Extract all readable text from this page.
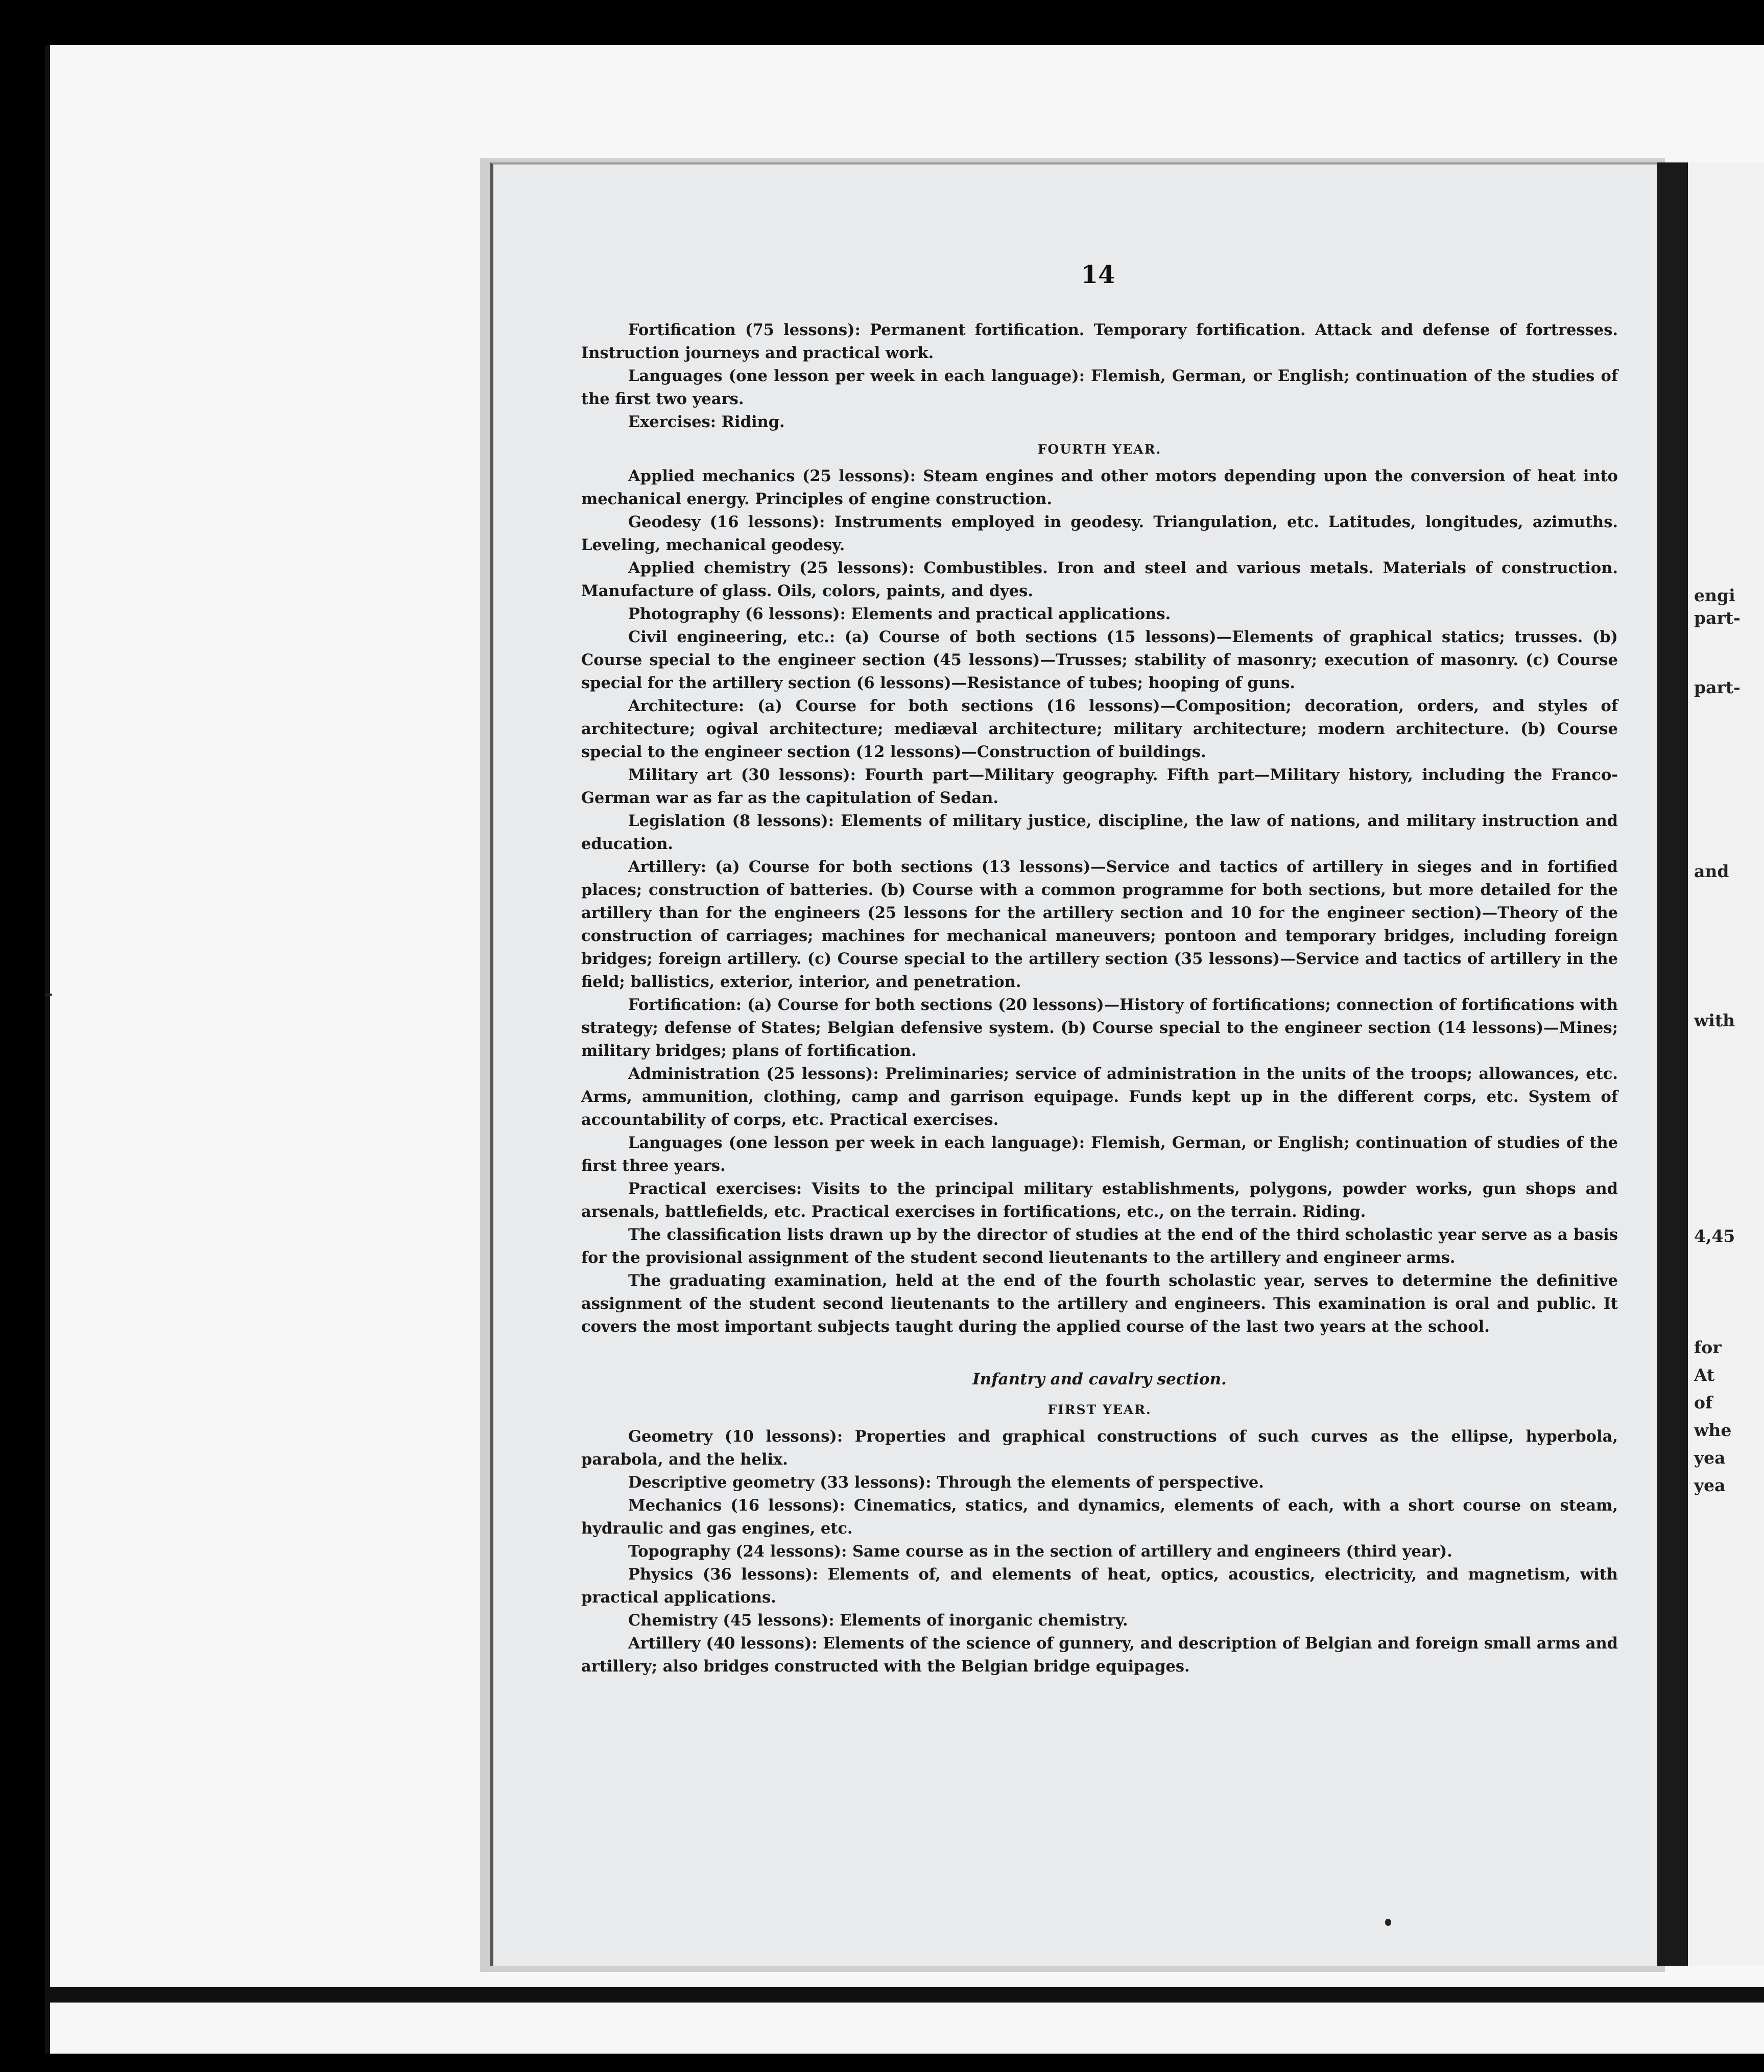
engi
part-
part-
and
with
4,45
for
At
of
whe
yea
yea
14

Fortification (75 lessons): Permanent fortification. Temporary fortification. Attack and defense of fortresses. Instruction journeys and practical work.

Languages (one lesson per week in each language): Flemish, German, or English; continuation of the studies of the first two years.

Exercises: Riding.

FOURTH YEAR.

Applied mechanics (25 lessons): Steam engines and other motors depending upon the conversion of heat into mechanical energy. Principles of engine construction.

Geodesy (16 lessons): Instruments employed in geodesy. Triangulation, etc. Latitudes, longitudes, azimuths. Leveling, mechanical geodesy.

Applied chemistry (25 lessons): Combustibles. Iron and steel and various metals. Materials of construction. Manufacture of glass. Oils, colors, paints, and dyes.

Photography (6 lessons): Elements and practical applications.

Civil engineering, etc.: (a) Course of both sections (15 lessons)—Elements of graphical statics; trusses. (b) Course special to the engineer section (45 lessons)—Trusses; stability of masonry; execution of masonry. (c) Course special for the artillery section (6 lessons)—Resistance of tubes; hooping of guns.

Architecture: (a) Course for both sections (16 lessons)—Composition; decoration, orders, and styles of architecture; ogival architecture; mediæval architecture; military architecture; modern architecture. (b) Course special to the engineer section (12 lessons)—Construction of buildings.

Military art (30 lessons): Fourth part—Military geography. Fifth part—Military history, including the Franco-German war as far as the capitulation of Sedan.

Legislation (8 lessons): Elements of military justice, discipline, the law of nations, and military instruction and education.

Artillery: (a) Course for both sections (13 lessons)—Service and tactics of artillery in sieges and in fortified places; construction of batteries. (b) Course with a common programme for both sections, but more detailed for the artillery than for the engineers (25 lessons for the artillery section and 10 for the engineer section)—Theory of the construction of carriages; machines for mechanical maneuvers; pontoon and temporary bridges, including foreign bridges; foreign artillery. (c) Course special to the artillery section (35 lessons)—Service and tactics of artillery in the field; ballistics, exterior, interior, and penetration.

Fortification: (a) Course for both sections (20 lessons)—History of fortifications; connection of fortifications with strategy; defense of States; Belgian defensive system. (b) Course special to the engineer section (14 lessons)—Mines; military bridges; plans of fortification.

Administration (25 lessons): Preliminaries; service of administration in the units of the troops; allowances, etc. Arms, ammunition, clothing, camp and garrison equipage. Funds kept up in the different corps, etc. System of accountability of corps, etc. Practical exercises.

Languages (one lesson per week in each language): Flemish, German, or English; continuation of studies of the first three years.

Practical exercises: Visits to the principal military establishments, polygons, powder works, gun shops and arsenals, battlefields, etc. Practical exercises in fortifications, etc., on the terrain. Riding.

The classification lists drawn up by the director of studies at the end of the third scholastic year serve as a basis for the provisional assignment of the student second lieutenants to the artillery and engineer arms.

The graduating examination, held at the end of the fourth scholastic year, serves to determine the definitive assignment of the student second lieutenants to the artillery and engineers. This examination is oral and public. It covers the most important subjects taught during the applied course of the last two years at the school.

Infantry and cavalry section.

FIRST YEAR.

Geometry (10 lessons): Properties and graphical constructions of such curves as the ellipse, hyperbola, parabola, and the helix.

Descriptive geometry (33 lessons): Through the elements of perspective.

Mechanics (16 lessons): Cinematics, statics, and dynamics, elements of each, with a short course on steam, hydraulic and gas engines, etc.

Topography (24 lessons): Same course as in the section of artillery and engineers (third year).

Physics (36 lessons): Elements of, and elements of heat, optics, acoustics, electricity, and magnetism, with practical applications.

Chemistry (45 lessons): Elements of inorganic chemistry.

Artillery (40 lessons): Elements of the science of gunnery, and description of Belgian and foreign small arms and artillery; also bridges constructed with the Belgian bridge equipages.
